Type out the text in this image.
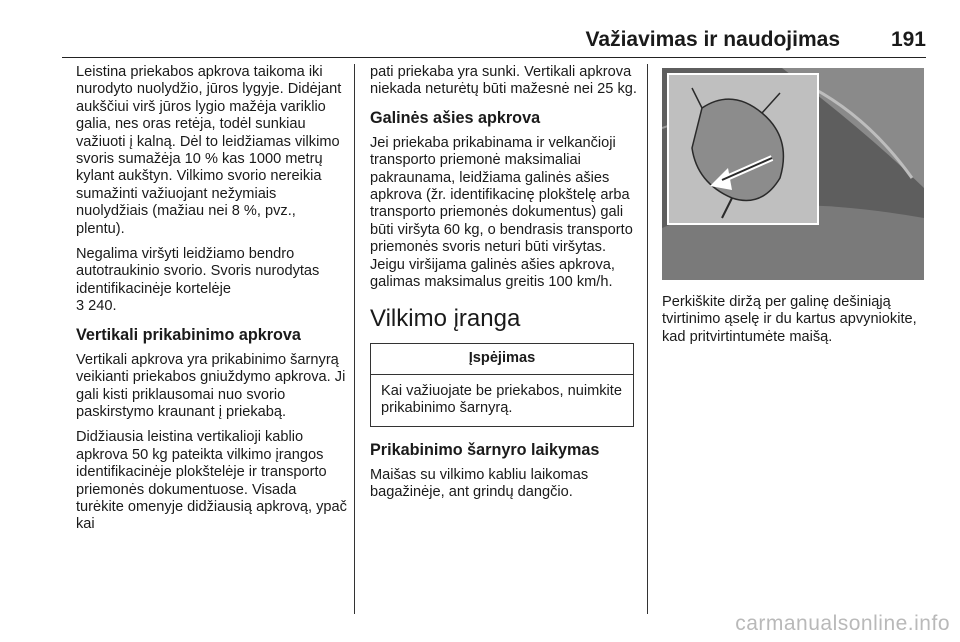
Važiavimas ir naudojimas 191

Leistina priekabos apkrova taikoma iki nurodyto nuolydžio, jūros lygyje. Didėjant aukščiui virš jūros lygio mažėja variklio galia, nes oras retėja, todėl sunkiau važiuoti į kalną. Dėl to leidžiamas vilkimo svoris sumažėja 10 % kas 1000 metrų kylant aukštyn. Vilkimo svorio nereikia sumažinti važiuojant nežymiais nuolydžiais (mažiau nei 8 %, pvz., plentu).

Negalima viršyti leidžiamo bendro autotraukinio svorio. Svoris nurodytas identifikacinėje kortelėje
3 240.

Vertikali prikabinimo apkrova

Vertikali apkrova yra prikabinimo šarnyrą veikianti priekabos gniuždymo apkrova. Ji gali kisti priklausomai nuo svorio paskirstymo kraunant į priekabą.

Didžiausia leistina vertikalioji kablio apkrova 50 kg pateikta vilkimo įrangos identifikacinėje plokštelėje ir transporto priemonės dokumentuose. Visada turėkite omenyje didžiausią apkrovą, ypač kai

pati priekaba yra sunki. Vertikali apkrova niekada neturėtų būti mažesnė nei 25 kg.

Galinės ašies apkrova

Jei priekaba prikabinama ir velkančioji transporto priemonė maksimaliai pakraunama, leidžiama galinės ašies apkrova (žr. identifikacinę plokštelę arba transporto priemonės dokumentus) gali būti viršyta 60 kg, o bendrasis transporto priemonės svoris neturi būti viršytas. Jeigu viršijama galinės ašies apkrova, galimas maksimalus greitis 100 km/h.

Vilkimo įranga
Įspėjimas
Kai važiuojate be priekabos, nuimkite prikabinimo šarnyrą.
Prikabinimo šarnyro laikymas

Maišas su vilkimo kabliu laikomas bagažinėje, ant grindų dangčio.

Perkiškite diržą per galinę dešiniąją tvirtinimo ąselę ir du kartus apvyniokite, kad pritvirtintumėte maišą.

carmanualsonline.info
